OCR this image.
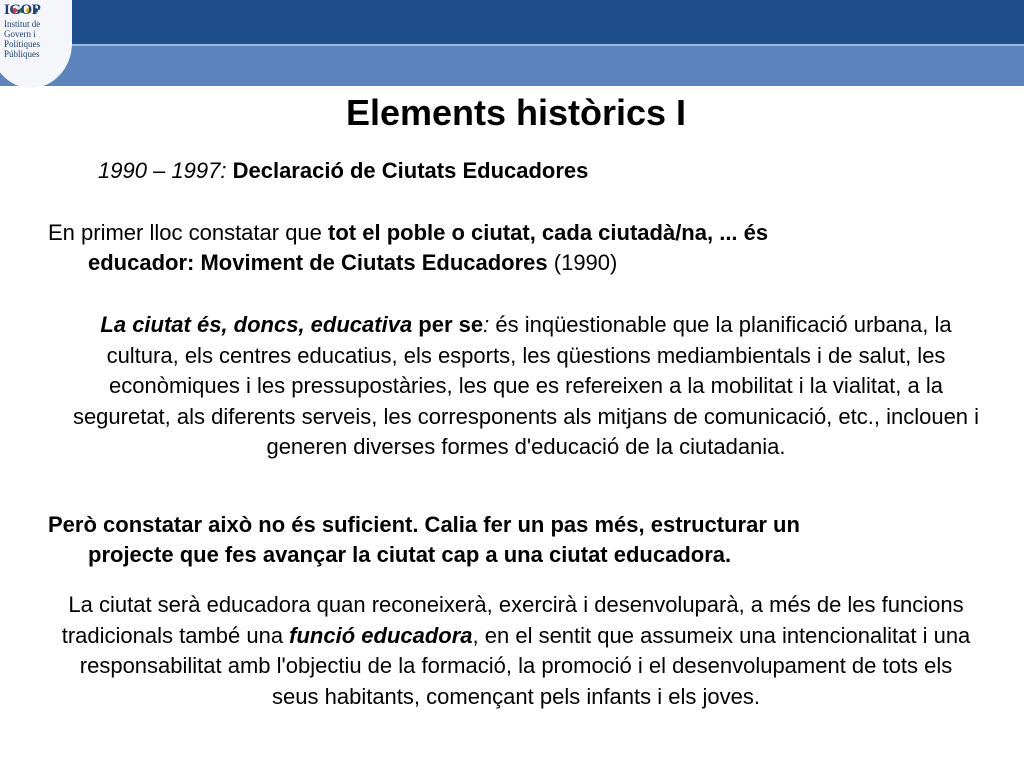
IGOP
Institut de
Govern i
Polítiques
Públiques
Elements històrics I
1990 – 1997: Declaració de Ciutats Educadores
En primer lloc constatar que tot el poble o ciutat, cada ciutadà/na, ... és
educador: Moviment de Ciutats Educadores (1990)
La ciutat és, doncs, educativa per se: és inqüestionable que la planificació urbana, la cultura, els centres educatius, els esports, les qüestions mediambientals i de salut, les econòmiques i les pressupostàries, les que es refereixen a la mobilitat i la vialitat, a la seguretat, als diferents serveis, les corresponents als mitjans de comunicació, etc., inclouen i generen diverses formes d'educació de la ciutadania.
Però constatar això no és suficient. Calia fer un pas més, estructurar un
projecte que fes avançar la ciutat cap a una ciutat educadora.
La ciutat serà educadora quan reconeixerà, exercirà i desenvoluparà, a més de les funcions tradicionals també una funció educadora, en el sentit que assumeix una intencionalitat i una responsabilitat amb l'objectiu de la formació, la promoció i el desenvolupament de tots els seus habitants, començant pels infants i els joves.
